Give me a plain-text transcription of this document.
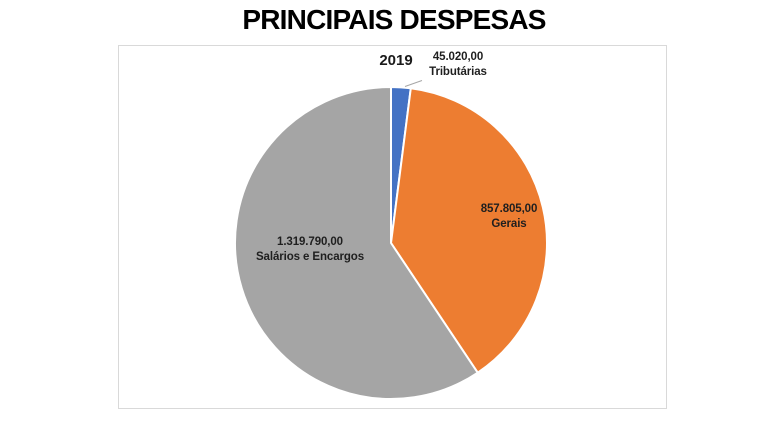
PRINCIPAIS DESPESAS
2019	45.020,00
Tributárias
857.805,00
Gerais
1.319.790,00
Salários e Encargos
